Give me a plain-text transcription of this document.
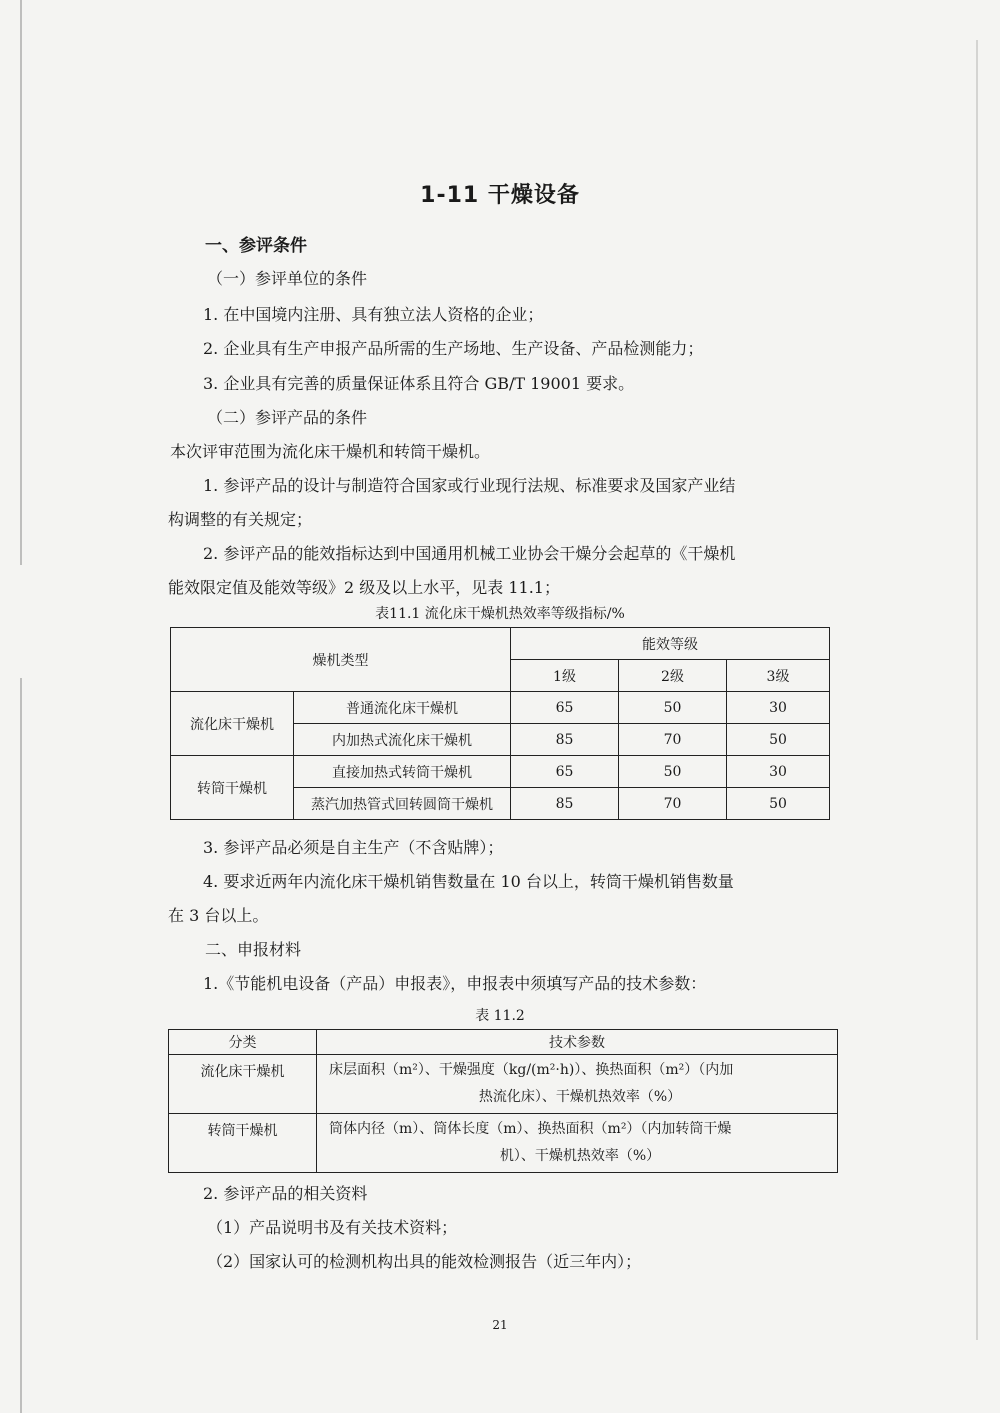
1-11 干燥设备
一、参评条件
（一）参评单位的条件
1. 在中国境内注册、具有独立法人资格的企业；
2. 企业具有生产申报产品所需的生产场地、生产设备、产品检测能力；
3. 企业具有完善的质量保证体系且符合 GB/T 19001 要求。
（二）参评产品的条件
本次评审范围为流化床干燥机和转筒干燥机。
1. 参评产品的设计与制造符合国家或行业现行法规、标准要求及国家产业结
构调整的有关规定；
2. 参评产品的能效指标达到中国通用机械工业协会干燥分会起草的《干燥机
能效限定值及能效等级》2 级及以上水平，见表 11.1；
表11.1 流化床干燥机热效率等级指标/%
燥机类型		能效等级		
		1级	2级	3级
流化床干燥机	普通流化床干燥机	65	50	30
	内加热式流化床干燥机	85	70	50
转筒干燥机	直接加热式转筒干燥机	65	50	30
	蒸汽加热管式回转圆筒干燥机	85	70	50
3. 参评产品必须是自主生产（不含贴牌）；
4. 要求近两年内流化床干燥机销售数量在 10 台以上，转筒干燥机销售数量
在 3 台以上。
二、申报材料
1.《节能机电设备（产品）申报表》，申报表中须填写产品的技术参数：
表 11.2
分类	技术参数
流化床干燥机	床层面积（m²）、干燥强度（kg/(m²·h)）、换热面积（m²）（内加
热流化床）、干燥机热效率（%）

转筒干燥机	筒体内径（m）、筒体长度（m）、换热面积（m²）（内加转筒干燥
机）、干燥机热效率（%）
2. 参评产品的相关资料
（1）产品说明书及有关技术资料；
（2）国家认可的检测机构出具的能效检测报告（近三年内）；
21
